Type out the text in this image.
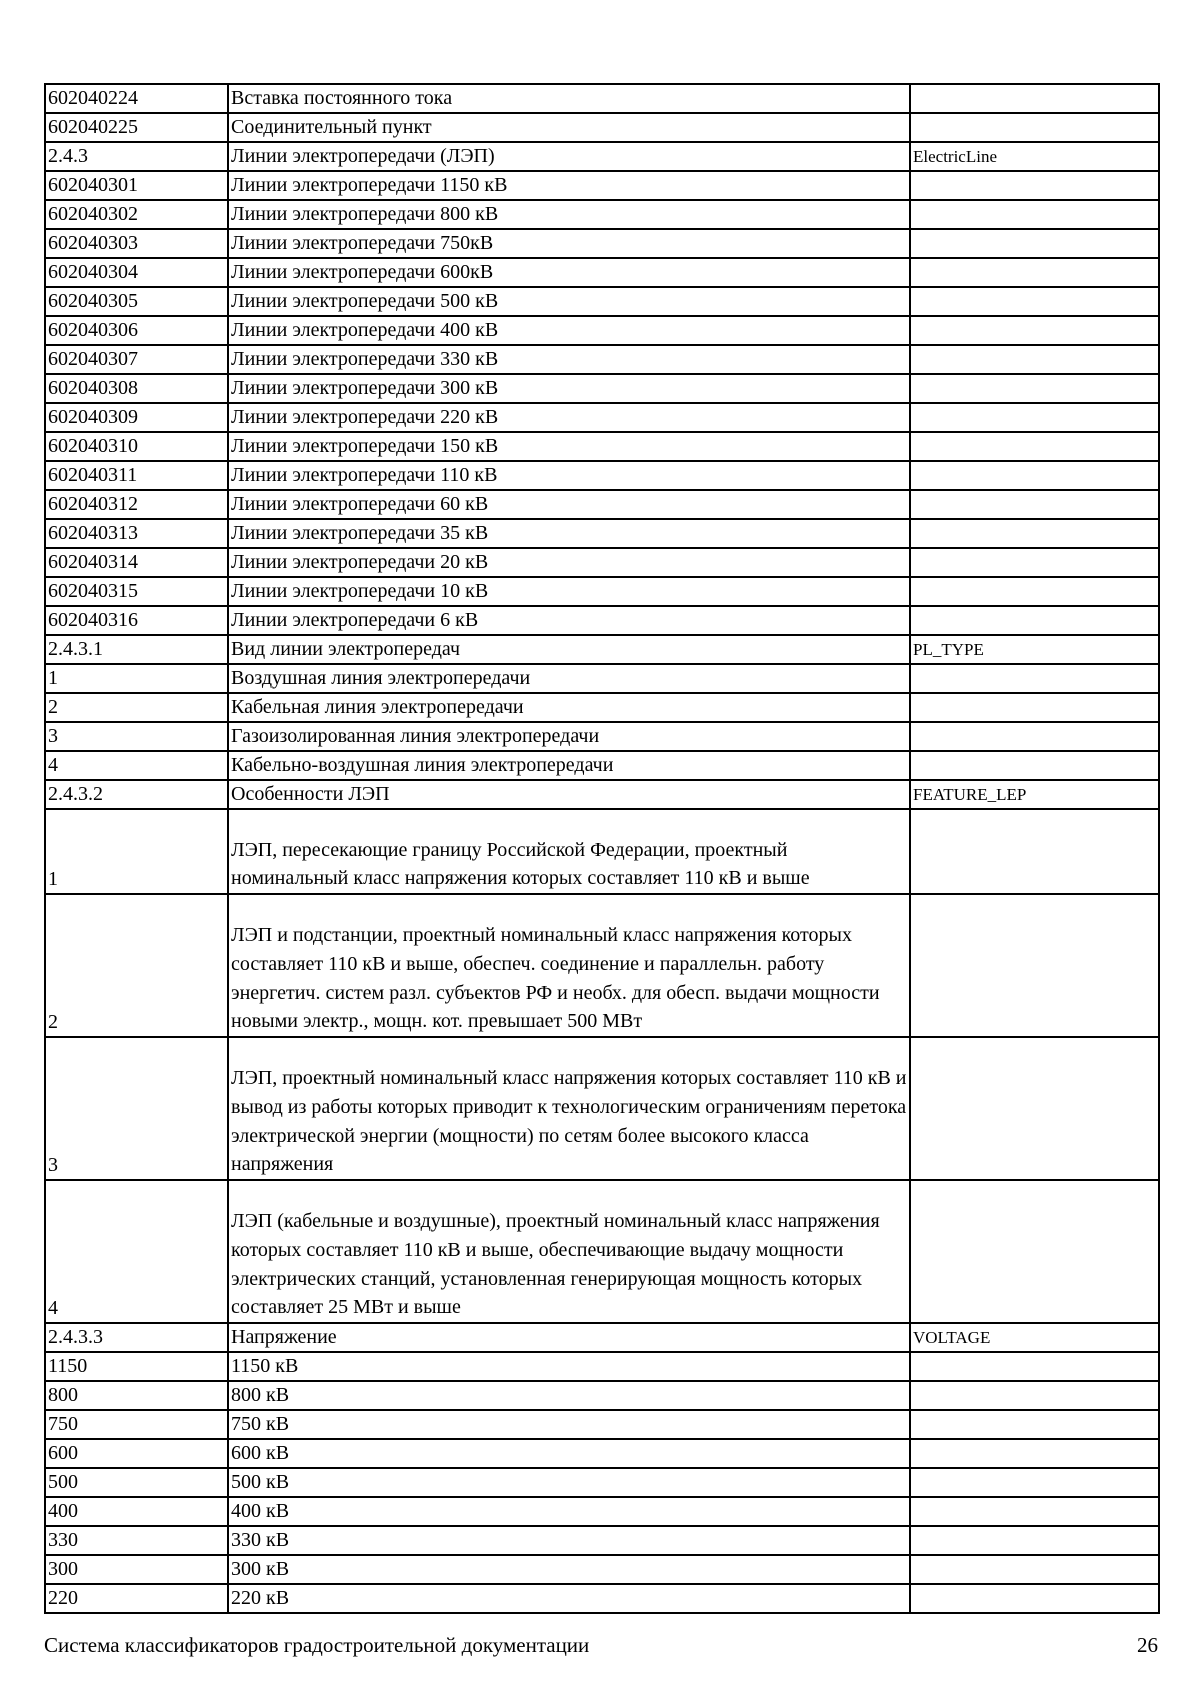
602040224	Вставка постоянного тока	
602040225	Соединительный пункт	
2.4.3	Линии электропередачи (ЛЭП)	ElectricLine
602040301	Линии электропередачи 1150 кВ	
602040302	Линии электропередачи 800 кВ	
602040303	Линии электропередачи 750кВ	
602040304	Линии электропередачи 600кВ	
602040305	Линии электропередачи 500 кВ	
602040306	Линии электропередачи 400 кВ	
602040307	Линии электропередачи 330 кВ	
602040308	Линии электропередачи 300 кВ	
602040309	Линии электропередачи 220 кВ	
602040310	Линии электропередачи 150 кВ	
602040311	Линии электропередачи 110 кВ	
602040312	Линии электропередачи 60 кВ	
602040313	Линии электропередачи 35 кВ	
602040314	Линии электропередачи 20 кВ	
602040315	Линии электропередачи 10 кВ	
602040316	Линии электропередачи 6 кВ	
2.4.3.1	Вид линии электропередач	PL_TYPE
1	Воздушная линия электропередачи	
2	Кабельная линия электропередачи	
3	Газоизолированная линия электропередачи	
4	Кабельно-воздушная линия электропередачи	
2.4.3.2	Особенности ЛЭП	FEATURE_LEP
1	ЛЭП, пересекающие границу Российской Федерации, проектный номинальный класс напряжения которых составляет 110 кВ и выше	
2	ЛЭП и подстанции, проектный номинальный класс напряжения которых составляет 110 кВ и выше, обеспеч. соединение и параллельн. работу энергетич. систем разл. субъектов РФ и необх. для обесп. выдачи мощности новыми электр., мощн. кот. превышает 500 МВт	
3	ЛЭП, проектный номинальный класс напряжения которых составляет 110 кВ и вывод из работы которых приводит к технологическим ограничениям перетока электрической энергии (мощности) по сетям более высокого класса напряжения	
4	ЛЭП (кабельные и воздушные), проектный номинальный класс напряжения которых составляет 110 кВ и выше, обеспечивающие выдачу мощности электрических станций, установленная генерирующая мощность которых составляет 25 МВт и выше	
2.4.3.3	Напряжение	VOLTAGE
1150	1150 кВ	
800	800 кВ	
750	750 кВ	
600	600 кВ	
500	500 кВ	
400	400 кВ	
330	330 кВ	
300	300 кВ	
220	220 кВ	
Система классификаторов градостроительной документации	26
